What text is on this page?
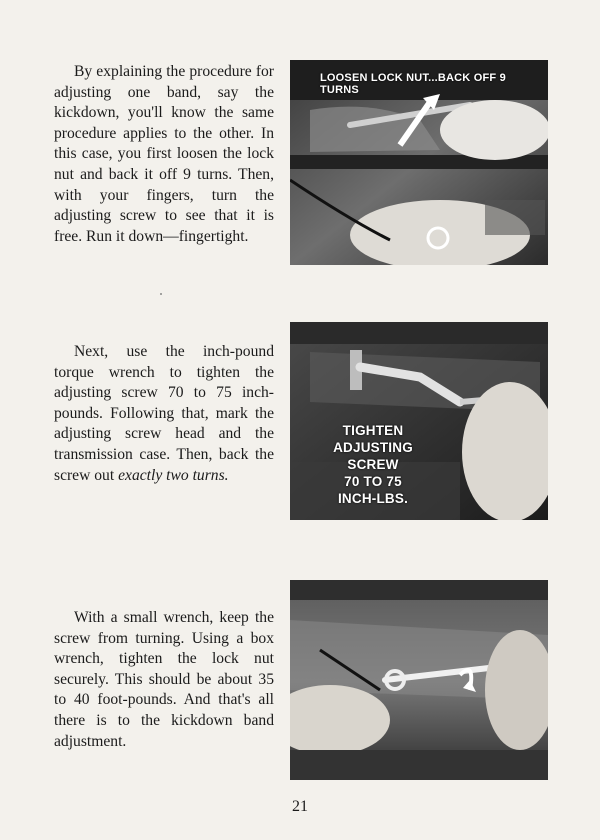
By explaining the procedure for adjusting one band, say the kickdown, you'll know the same procedure applies to the other. In this case, you first loosen the lock nut and back it off 9 turns. Then, with your fingers, turn the adjusting screw to see that it is free. Run it down—fingertight.

LOOSEN LOCK NUT...BACK OFF 9 TURNS

Next, use the inch-pound torque wrench to tighten the adjusting screw 70 to 75 inch-pounds. Following that, mark the adjusting screw head and the transmission case. Then, back the screw out exactly two turns.

TIGHTEN
ADJUSTING SCREW
70 TO 75
INCH-LBS.

With a small wrench, keep the screw from turning. Using a box wrench, tighten the lock nut securely. This should be about 35 to 40 foot-pounds. And that's all there is to the kickdown band adjustment.

21
